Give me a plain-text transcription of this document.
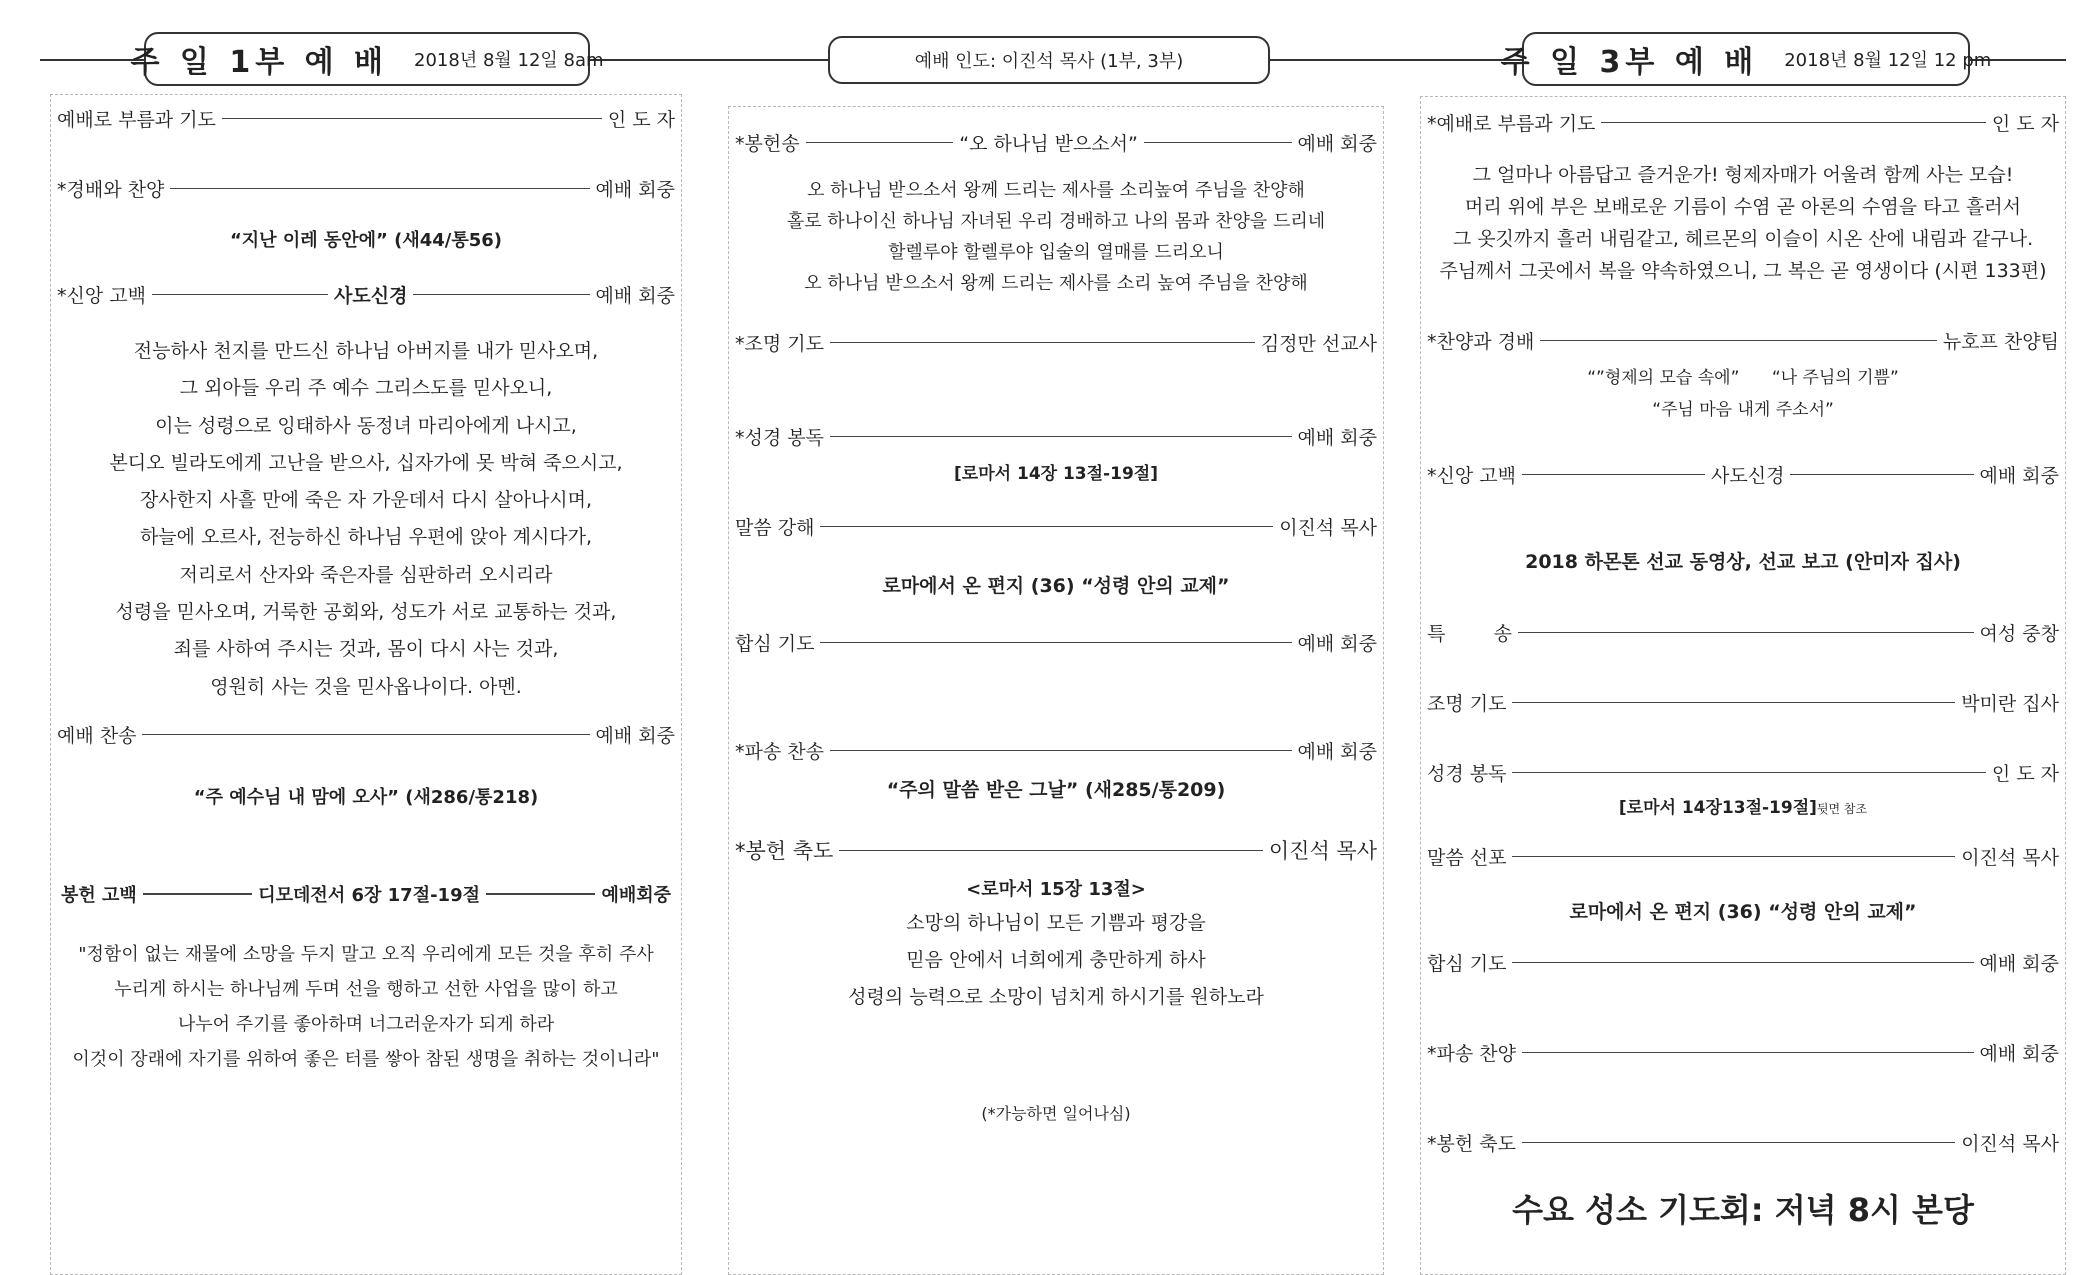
주 일 1부 예 배 2018년 8월 12일 8am	예배 인도: 이진석 목사 (1부, 3부)	주 일 3부 예 배 2018년 8월 12일 12 pm
예배로 부름과 기도	인 도 자
*경배와 찬양	예배 회중
“지난 이레 동안에” (새44/통56)
*신앙 고백	사도신경	예배 회중
전능하사 천지를 만드신 하나님 아버지를 내가 믿사오며,
그 외아들 우리 주 예수 그리스도를 믿사오니,
이는 성령으로 잉태하사 동정녀 마리아에게 나시고,
본디오 빌라도에게 고난을 받으사, 십자가에 못 박혀 죽으시고,
장사한지 사흘 만에 죽은 자 가운데서 다시 살아나시며,
하늘에 오르사, 전능하신 하나님 우편에 앉아 계시다가,
저리로서 산자와 죽은자를 심판하러 오시리라
성령을 믿사오며, 거룩한 공회와, 성도가 서로 교통하는 것과,
죄를 사하여 주시는 것과, 몸이 다시 사는 것과,
영원히 사는 것을 믿사옵나이다. 아멘.
예배 찬송	예배 회중
“주 예수님 내 맘에 오사” (새286/통218)
봉헌 고백	디모데전서 6장 17절-19절	예배회중
"정함이 없는 재물에 소망을 두지 말고 오직 우리에게 모든 것을 후히 주사
누리게 하시는 하나님께 두며 선을 행하고 선한 사업을 많이 하고
나누어 주기를 좋아하며 너그러운자가 되게 하라
이것이 장래에 자기를 위하여 좋은 터를 쌓아 참된 생명을 취하는 것이니라"
*봉헌송	“오 하나님 받으소서”	예배 회중
오 하나님 받으소서 왕께 드리는 제사를 소리높여 주님을 찬양해
홀로 하나이신 하나님 자녀된 우리 경배하고 나의 몸과 찬양을 드리네
할렐루야 할렐루야 입술의 열매를 드리오니
오 하나님 받으소서 왕께 드리는 제사를 소리 높여 주님을 찬양해
*조명 기도	김정만 선교사
*성경 봉독	예배 회중
[로마서 14장 13절-19절]
말씀 강해	이진석 목사
로마에서 온 편지 (36) “성령 안의 교제”
합심 기도	예배 회중
*파송 찬송	예배 회중
“주의 말씀 받은 그날” (새285/통209)
*봉헌 축도	이진석 목사
<로마서 15장 13절>
소망의 하나님이 모든 기쁨과 평강을
믿음 안에서 너희에게 충만하게 하사
성령의 능력으로 소망이 넘치게 하시기를 원하노라
(*가능하면 일어나심)
*예배로 부름과 기도	인 도 자
그 얼마나 아름답고 즐거운가! 형제자매가 어울려 함께 사는 모습!
머리 위에 부은 보배로운 기름이 수염 곧 아론의 수염을 타고 흘러서
그 옷깃까지 흘러 내림같고, 헤르몬의 이슬이 시온 산에 내림과 같구나.
주님께서 그곳에서 복을 약속하였으니, 그 복은 곧 영생이다 (시편 133편)
*찬양과 경배	뉴호프 찬양팀
“”형제의 모습 속에”      “나 주님의 기쁨”
“주님 마음 내게 주소서”
*신앙 고백	사도신경	예배 회중
2018 하몬톤 선교 동영상, 선교 보고 (안미자 집사)
특        송	여성 중창
조명 기도	박미란 집사
성경 봉독	인 도 자
[로마서 14장13절-19절]뒷면 참조
말씀 선포	이진석 목사
로마에서 온 편지 (36) “성령 안의 교제”
합심 기도	예배 회중
*파송 찬양	예배 회중
*봉헌 축도	이진석 목사
수요 성소 기도회: 저녁 8시 본당
